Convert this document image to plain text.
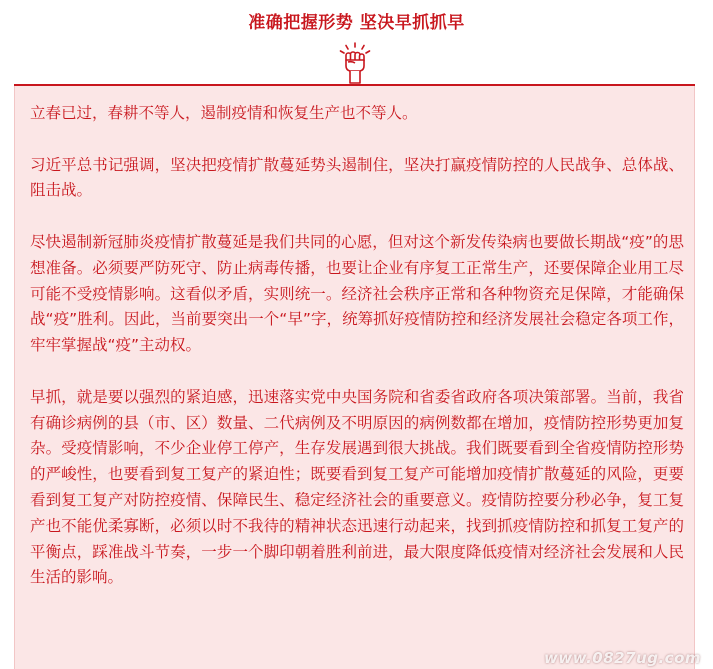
准确把握形势 坚决早抓抓早

立春已过，春耕不等人，遏制疫情和恢复生产也不等人。

习近平总书记强调，坚决把疫情扩散蔓延势头遏制住，坚决打赢疫情防控的人民战争、总体战、阻击战。

尽快遏制新冠肺炎疫情扩散蔓延是我们共同的心愿，但对这个新发传染病也要做长期战“疫”的思想准备。必须要严防死守、防止病毒传播，也要让企业有序复工正常生产，还要保障企业用工尽可能不受疫情影响。这看似矛盾，实则统一。经济社会秩序正常和各种物资充足保障，才能确保战“疫”胜利。因此，当前要突出一个“早”字，统筹抓好疫情防控和经济发展社会稳定各项工作，牢牢掌握战“疫”主动权。

早抓，就是要以强烈的紧迫感，迅速落实党中央国务院和省委省政府各项决策部署。当前，我省有确诊病例的县（市、区）数量、二代病例及不明原因的病例数都在增加，疫情防控形势更加复杂。受疫情影响，不少企业停工停产，生存发展遇到很大挑战。我们既要看到全省疫情防控形势的严峻性，也要看到复工复产的紧迫性；既要看到复工复产可能增加疫情扩散蔓延的风险，更要看到复工复产对防控疫情、保障民生、稳定经济社会的重要意义。疫情防控要分秒必争，复工复产也不能优柔寡断，必须以时不我待的精神状态迅速行动起来，找到抓疫情防控和抓复工复产的平衡点，踩准战斗节奏，一步一个脚印朝着胜利前进，最大限度降低疫情对经济社会发展和人民生活的影响。

www.0827ug.com
